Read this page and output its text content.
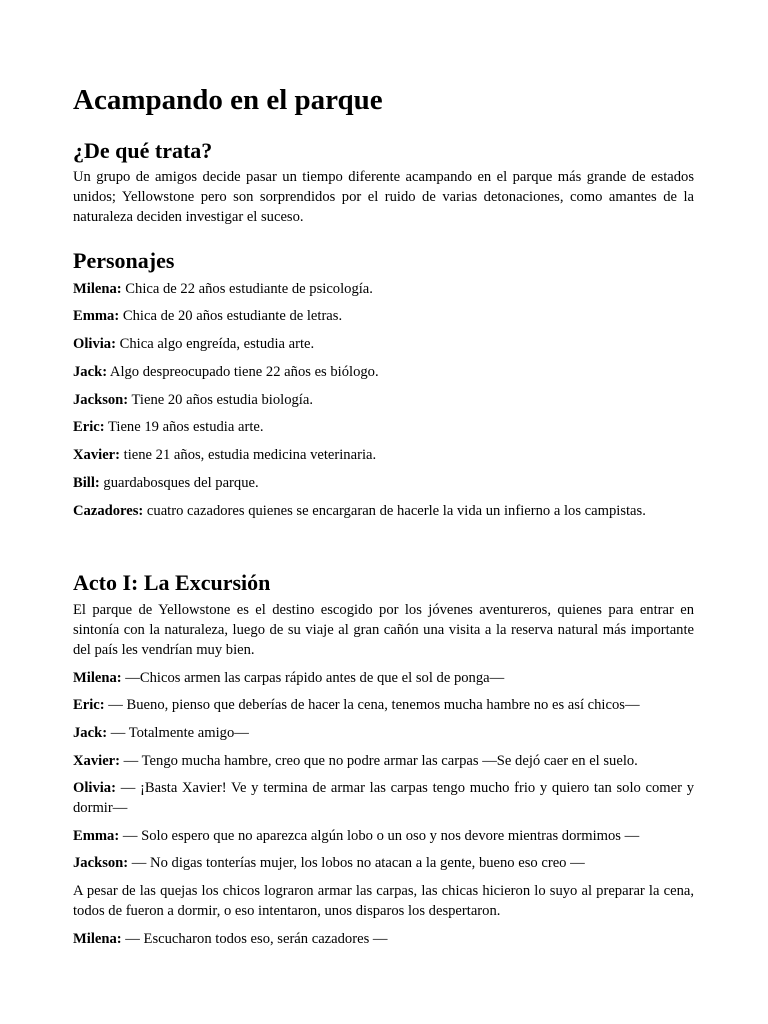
Acampando en el parque
¿De qué trata?

Un grupo de amigos decide pasar un tiempo diferente acampando en el parque más grande de estados unidos; Yellowstone pero son sorprendidos por el ruido de varias detonaciones, como amantes de la naturaleza deciden investigar el suceso.

Personajes

Milena: Chica de 22 años estudiante de psicología.

Emma: Chica de 20 años estudiante de letras.

Olivia: Chica algo engreída, estudia arte.

Jack: Algo despreocupado tiene 22 años es biólogo.

Jackson: Tiene 20 años estudia biología.

Eric: Tiene 19 años estudia arte.

Xavier: tiene 21 años, estudia medicina veterinaria.

Bill: guardabosques del parque.

Cazadores: cuatro cazadores quienes se encargaran de hacerle la vida un infierno a los campistas.

Acto I: La Excursión

El parque de Yellowstone es el destino escogido por los jóvenes aventureros, quienes para entrar en sintonía con la naturaleza, luego de su viaje al gran cañón una visita a la reserva natural más importante del país les vendrían muy bien.

Milena: —Chicos armen las carpas rápido antes de que el sol de ponga—

Eric: — Bueno, pienso que deberías de hacer la cena, tenemos mucha hambre no es así chicos—

Jack: — Totalmente amigo—

Xavier: — Tengo mucha hambre, creo que no podre armar las carpas —Se dejó caer en el suelo.

Olivia: — ¡Basta Xavier! Ve y termina de armar las carpas tengo mucho frio y quiero tan solo comer y dormir—

Emma: — Solo espero que no aparezca algún lobo o un oso y nos devore mientras dormimos —

Jackson: — No digas tonterías mujer, los lobos no atacan a la gente, bueno eso creo —

A pesar de las quejas los chicos lograron armar las carpas, las chicas hicieron lo suyo al preparar la cena, todos de fueron a dormir, o eso intentaron, unos disparos los despertaron.

Milena: — Escucharon todos eso, serán cazadores —
